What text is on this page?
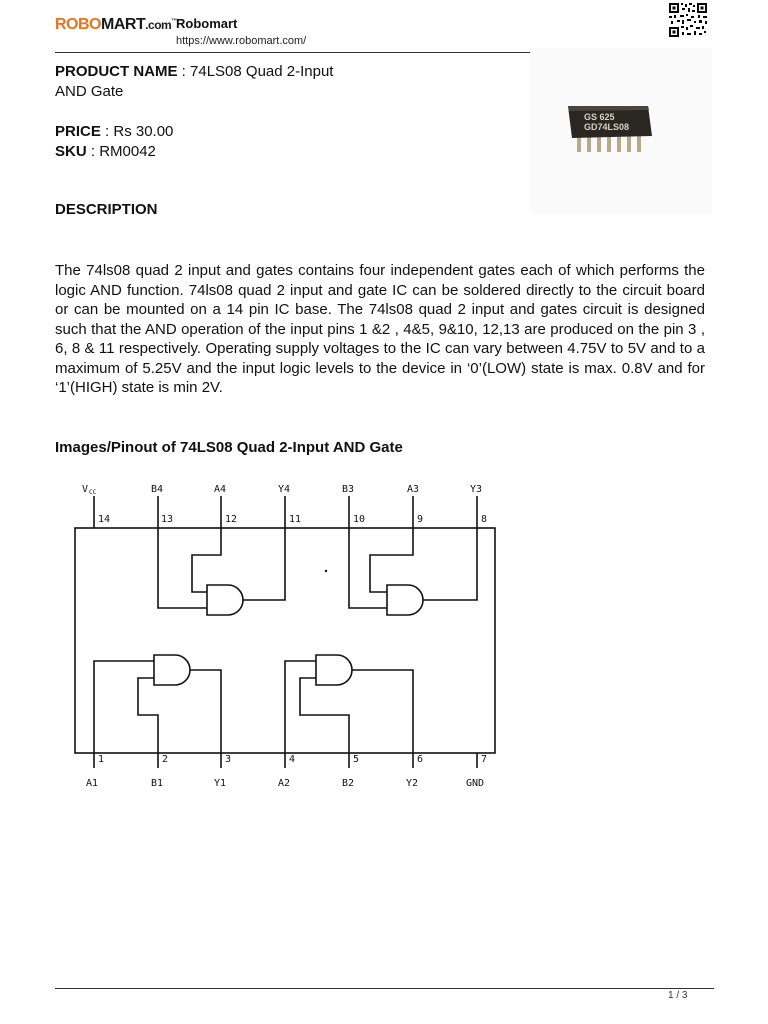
ROBOMART.com™ Robomart
https://www.robomart.com/
PRODUCT NAME : 74LS08 Quad 2-Input
AND Gate
PRICE : Rs 30.00
SKU : RM0042
GS 625
GD74LS08
DESCRIPTION
The 74ls08 quad 2 input and gates contains four independent gates each of which performs the logic AND function. 74ls08 quad 2 input and gate IC can be soldered directly to the circuit board or can be mounted on a 14 pin IC base. The 74ls08 quad 2 input and gates circuit is designed such that the AND operation of the input pins 1 &2 , 4&5, 9&10, 12,13 are produced on the pin 3 , 6, 8 & 11 respectively. Operating supply voltages to the IC can vary between 4.75V to 5V and to a maximum of 5.25V and the input logic levels to the device in ‘0’(LOW) state is max. 0.8V and for ‘1’(HIGH) state is min 2V.
Images/Pinout of 74LS08 Quad 2-Input AND Gate
V CC	B4	A4	Y4	B3	A3	Y3
14	13	12	11	10	9	8
1	2	3	4	5	6	7
A1	B1	Y1	A2	B2	Y2	GND
1 / 3
